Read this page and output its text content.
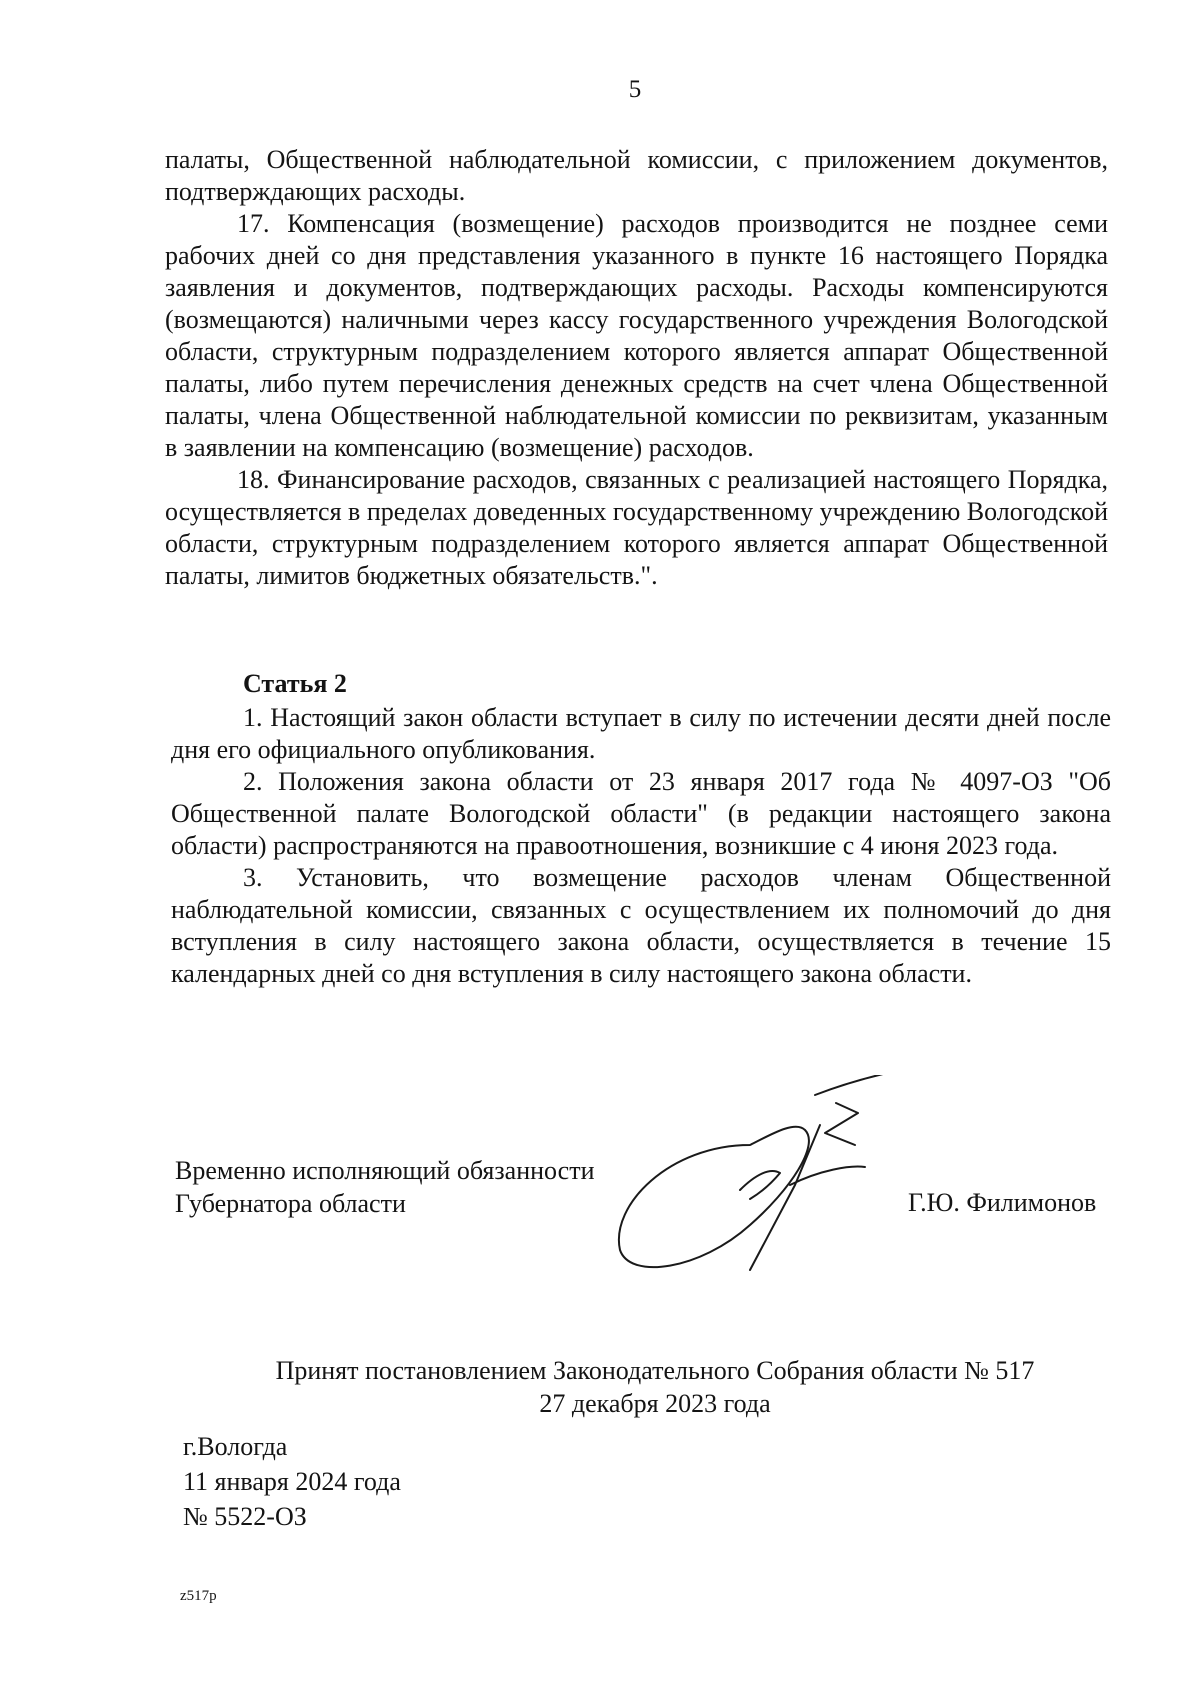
5

палаты, Общественной наблюдательной комиссии, с приложением документов, подтверждающих расходы.

17. Компенсация (возмещение) расходов производится не позднее семи рабочих дней со дня представления указанного в пункте 16 настоящего Порядка заявления и документов, подтверждающих расходы. Расходы компенсируются (возмещаются) наличными через кассу государственного учреждения Вологодской области, структурным подразделением которого является аппарат Общественной палаты, либо путем перечисления денежных средств на счет члена Общественной палаты, члена Общественной наблюдательной комиссии по реквизитам, указанным в заявлении на компенсацию (возмещение) расходов.

18. Финансирование расходов, связанных с реализацией настоящего Порядка, осуществляется в пределах доведенных государственному учреждению Вологодской области, структурным подразделением которого является аппарат Общественной палаты, лимитов бюджетных обязательств.".

Статья 2

1. Настоящий закон области вступает в силу по истечении десяти дней после дня его официального опубликования.

2. Положения закона области от 23 января 2017 года № 4097-ОЗ "Об Общественной палате Вологодской области" (в редакции настоящего закона области) распространяются на правоотношения, возникшие с 4 июня 2023 года.

3. Установить, что возмещение расходов членам Общественной наблюдательной комиссии, связанных с осуществлением их полномочий до дня вступления в силу настоящего закона области, осуществляется в течение 15 календарных дней со дня вступления в силу настоящего закона области.

Временно исполняющий обязанности
Губернатора области	Г.Ю. Филимонов
Принят постановлением Законодательного Собрания области № 517
27 декабря 2023 года
г.Вологда
11 января 2024 года
№ 5522-ОЗ
z517p
